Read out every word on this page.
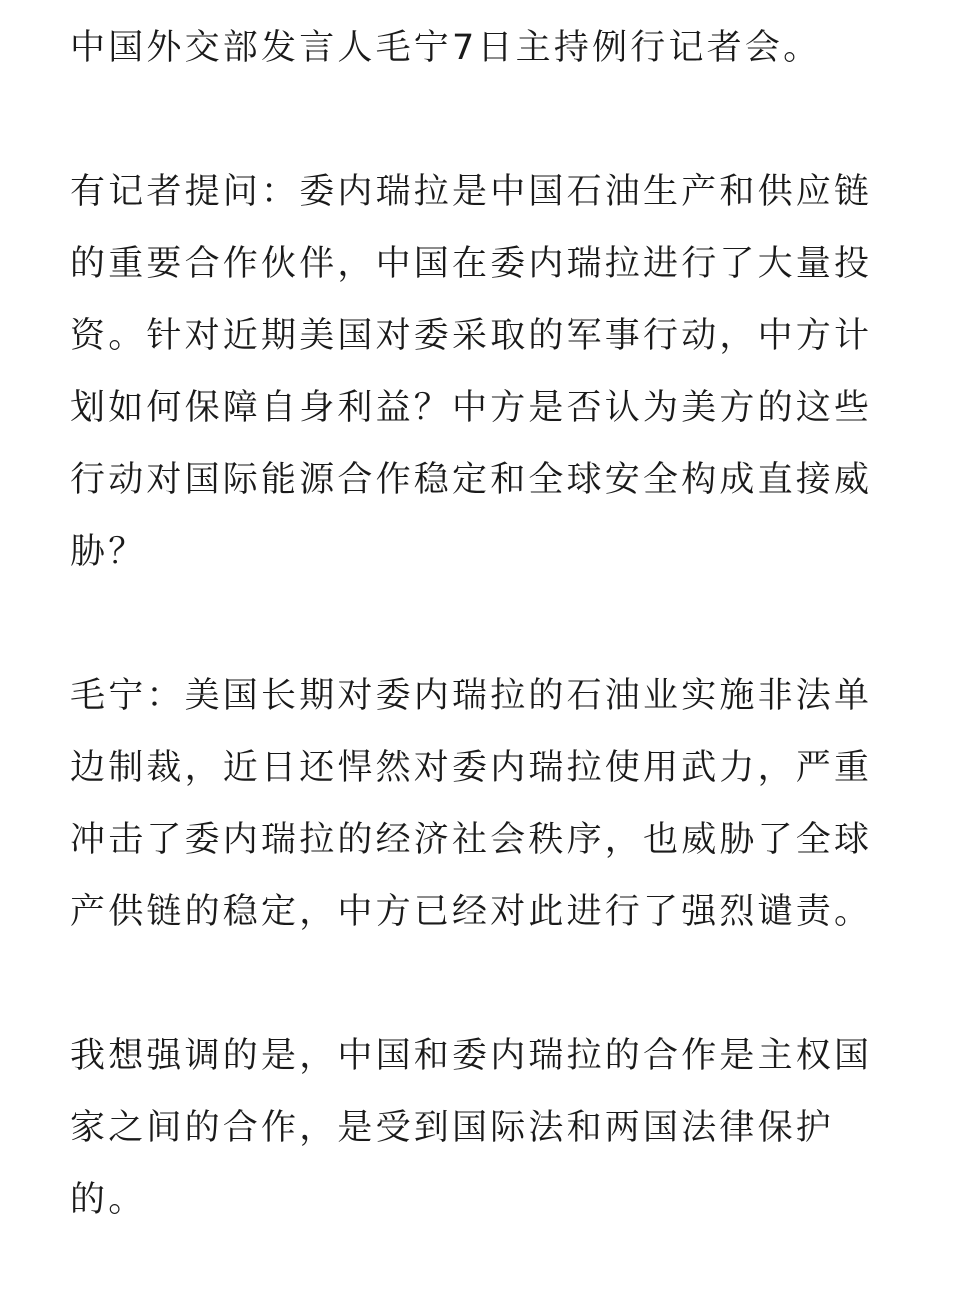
中国外交部发言人毛宁7日主持例行记者会。

有记者提问：委内瑞拉是中国石油生产和供应链的重要合作伙伴，中国在委内瑞拉进行了大量投资。针对近期美国对委采取的军事行动，中方计划如何保障自身利益？中方是否认为美方的这些行动对国际能源合作稳定和全球安全构成直接威胁？

毛宁：美国长期对委内瑞拉的石油业实施非法单边制裁，近日还悍然对委内瑞拉使用武力，严重冲击了委内瑞拉的经济社会秩序，也威胁了全球产供链的稳定，中方已经对此进行了强烈谴责。

我想强调的是，中国和委内瑞拉的合作是主权国家之间的合作，是受到国际法和两国法律保护的。
